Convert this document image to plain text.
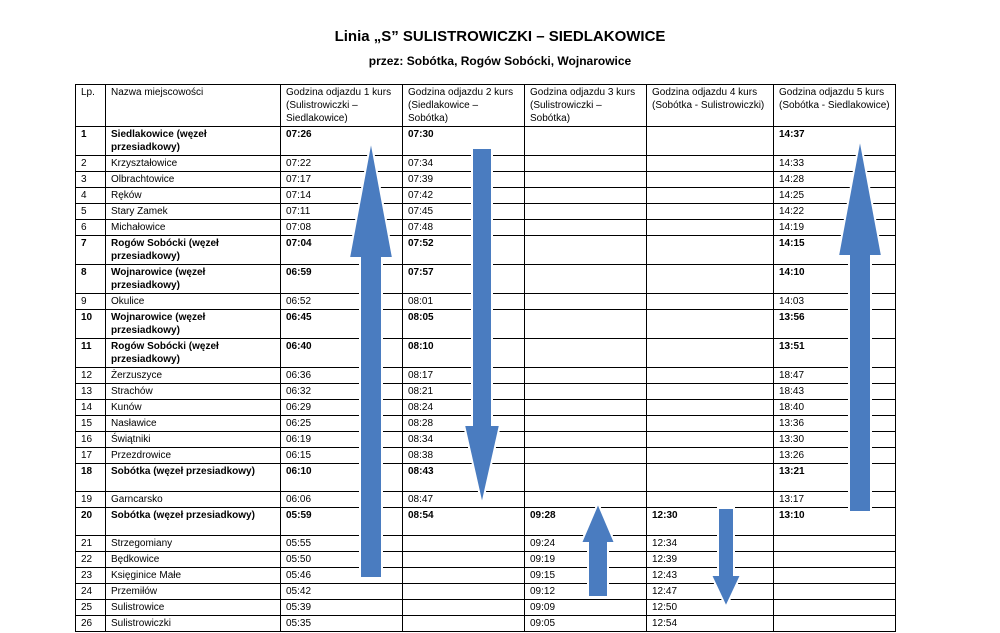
Linia „S” SULISTROWICZKI – SIEDLAKOWICE
przez: Sobótka, Rogów Sobócki, Wojnarowice
Lp.	Nazwa miejscowości	Godzina odjazdu 1 kurs (Sulistrowiczki – Siedlakowice)	Godzina odjazdu 2 kurs (Siedlakowice – Sobótka)	Godzina odjazdu 3 kurs (Sulistrowiczki – Sobótka)	Godzina odjazdu 4 kurs (Sobótka - Sulistrowiczki)	Godzina odjazdu 5 kurs (Sobótka - Siedlakowice)
1	Siedlakowice (węzeł przesiadkowy)	07:26	07:30			14:37
2	Krzyształowice	07:22	07:34			14:33
3	Olbrachtowice	07:17	07:39			14:28
4	Ręków	07:14	07:42			14:25
5	Stary Zamek	07:11	07:45			14:22
6	Michałowice	07:08	07:48			14:19
7	Rogów Sobócki (węzeł przesiadkowy)	07:04	07:52			14:15
8	Wojnarowice (węzeł przesiadkowy)	06:59	07:57			14:10
9	Okulice	06:52	08:01			14:03
10	Wojnarowice (węzeł przesiadkowy)	06:45	08:05			13:56
11	Rogów Sobócki (węzeł przesiadkowy)	06:40	08:10			13:51
12	Żerzuszyce	06:36	08:17			18:47
13	Strachów	06:32	08:21			18:43
14	Kunów	06:29	08:24			18:40
15	Nasławice	06:25	08:28			13:36
16	Świątniki	06:19	08:34			13:30
17	Przezdrowice	06:15	08:38			13:26
18	Sobótka (węzeł przesiadkowy)	06:10	08:43			13:21
19	Garncarsko	06:06	08:47			13:17
20	Sobótka (węzeł przesiadkowy)	05:59	08:54	09:28	12:30	13:10
21	Strzegomiany	05:55		09:24	12:34	
22	Będkowice	05:50		09:19	12:39	
23	Księginice Małe	05:46		09:15	12:43	
24	Przemiłów	05:42		09:12	12:47	
25	Sulistrowice	05:39		09:09	12:50	
26	Sulistrowiczki	05:35		09:05	12:54	
